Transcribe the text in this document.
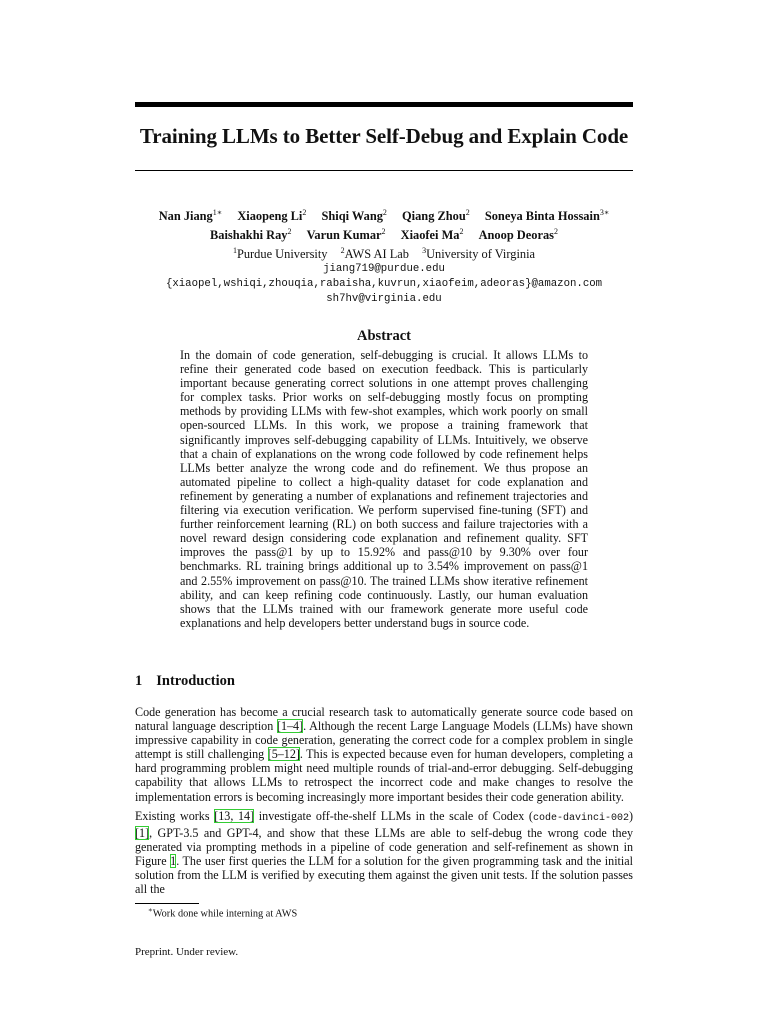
Training LLMs to Better Self-Debug and Explain Code
Nan Jiang$^{1∗}$ Xiaopeng Li$^2$ Shiqi Wang$^2$ Qiang Zhou$^2$ Soneya Binta Hossain$^{3∗}$
Baishakhi Ray$^2$ Varun Kumar$^2$ Xiaofei Ma$^2$ Anoop Deoras$^2$
$^1$Purdue University $^2$AWS AI Lab $^3$University of Virginia
jiang719@purdue.edu
{xiaopel,wshiqi,zhouqia,rabaisha,kuvrun,xiaofeim,adeoras}@amazon.com
sh7hv@virginia.edu
Abstract
In the domain of code generation, self-debugging is crucial. It allows LLMs to refine their generated code based on execution feedback. This is particularly important because generating correct solutions in one attempt proves challenging for complex tasks. Prior works on self-debugging mostly focus on prompting methods by providing LLMs with few-shot examples, which work poorly on small open-sourced LLMs. In this work, we propose a training framework that significantly improves self-debugging capability of LLMs. Intuitively, we observe that a chain of explanations on the wrong code followed by code refinement helps LLMs better analyze the wrong code and do refinement. We thus propose an automated pipeline to collect a high-quality dataset for code explanation and refinement by generating a number of explanations and refinement trajectories and filtering via execution verification. We perform supervised fine-tuning (SFT) and further reinforcement learning (RL) on both success and failure trajectories with a novel reward design considering code explanation and refinement quality. SFT improves the pass@1 by up to 15.92% and pass@10 by 9.30% over four benchmarks. RL training brings additional up to 3.54% improvement on pass@1 and 2.55% improvement on pass@10. The trained LLMs show iterative refinement ability, and can keep refining code continuously. Lastly, our human evaluation shows that the LLMs trained with our framework generate more useful code explanations and help developers better understand bugs in source code.
1 Introduction

Code generation has become a crucial research task to automatically generate source code based on natural language description [1–4]. Although the recent Large Language Models (LLMs) have shown impressive capability in code generation, generating the correct code for a complex problem in single attempt is still challenging [5–12]. This is expected because even for human developers, completing a hard programming problem might need multiple rounds of trial-and-error debugging. Self-debugging capability that allows LLMs to retrospect the incorrect code and make changes to resolve the implementation errors is becoming increasingly more important besides their code generation ability.

Existing works [13, 14] investigate off-the-shelf LLMs in the scale of Codex (code-davinci-002) [1], GPT-3.5 and GPT-4, and show that these LLMs are able to self-debug the wrong code they generated via prompting methods in a pipeline of code generation and self-refinement as shown in Figure 1. The user first queries the LLM for a solution for the given programming task and the initial solution from the LLM is verified by executing them against the given unit tests. If the solution passes all the

∗Work done while interning at AWS
Preprint. Under review.
